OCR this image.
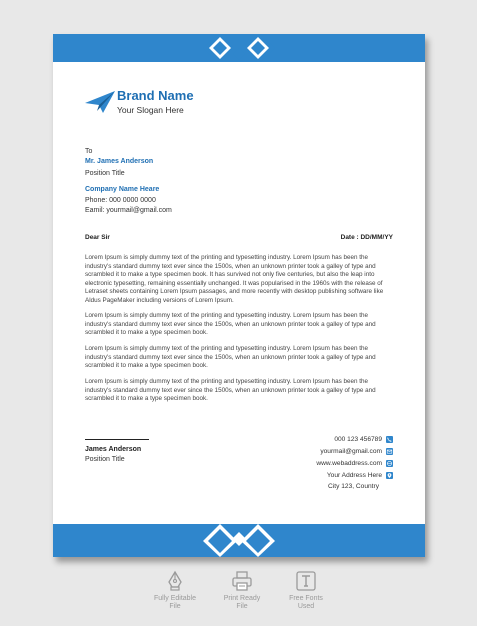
Brand Name
Your Slogan Here
To
Mr. James Anderson
Position Title
Company Name Heare
Phone: 000 0000 0000
Eamil: yourmail@gmail.com
Dear Sir	Date : DD/MM/YY
Lorem Ipsum is simply dummy text of the printing and typesetting industry. Lorem Ipsum has been the industry's standard dummy text ever since the 1500s, when an unknown printer took a galley of type and scrambled it to make a type specimen book. It has survived not only five centuries, but also the leap into electronic typesetting, remaining essentially unchanged. It was popularised in the 1960s with the release of Letraset sheets containing Lorem Ipsum passages, and more recently with desktop publishing software like Aldus PageMaker including versions of Lorem Ipsum.
Lorem Ipsum is simply dummy text of the printing and typesetting industry. Lorem Ipsum has been the industry's standard dummy text ever since the 1500s, when an unknown printer took a galley of type and scrambled it to make a type specimen book.
Lorem Ipsum is simply dummy text of the printing and typesetting industry. Lorem Ipsum has been the industry's standard dummy text ever since the 1500s, when an unknown printer took a galley of type and scrambled it to make a type specimen book.
Lorem Ipsum is simply dummy text of the printing and typesetting industry. Lorem Ipsum has been the industry's standard dummy text ever since the 1500s, when an unknown printer took a galley of type and scrambled it to make a type specimen book.
James Anderson
Position Title
000 123 456789
yourmail@gmail.com
www.webaddress.com
Your Address Here
City 123, Country
Fully Editable
File
Print Ready
File
Free Fonts
Used
